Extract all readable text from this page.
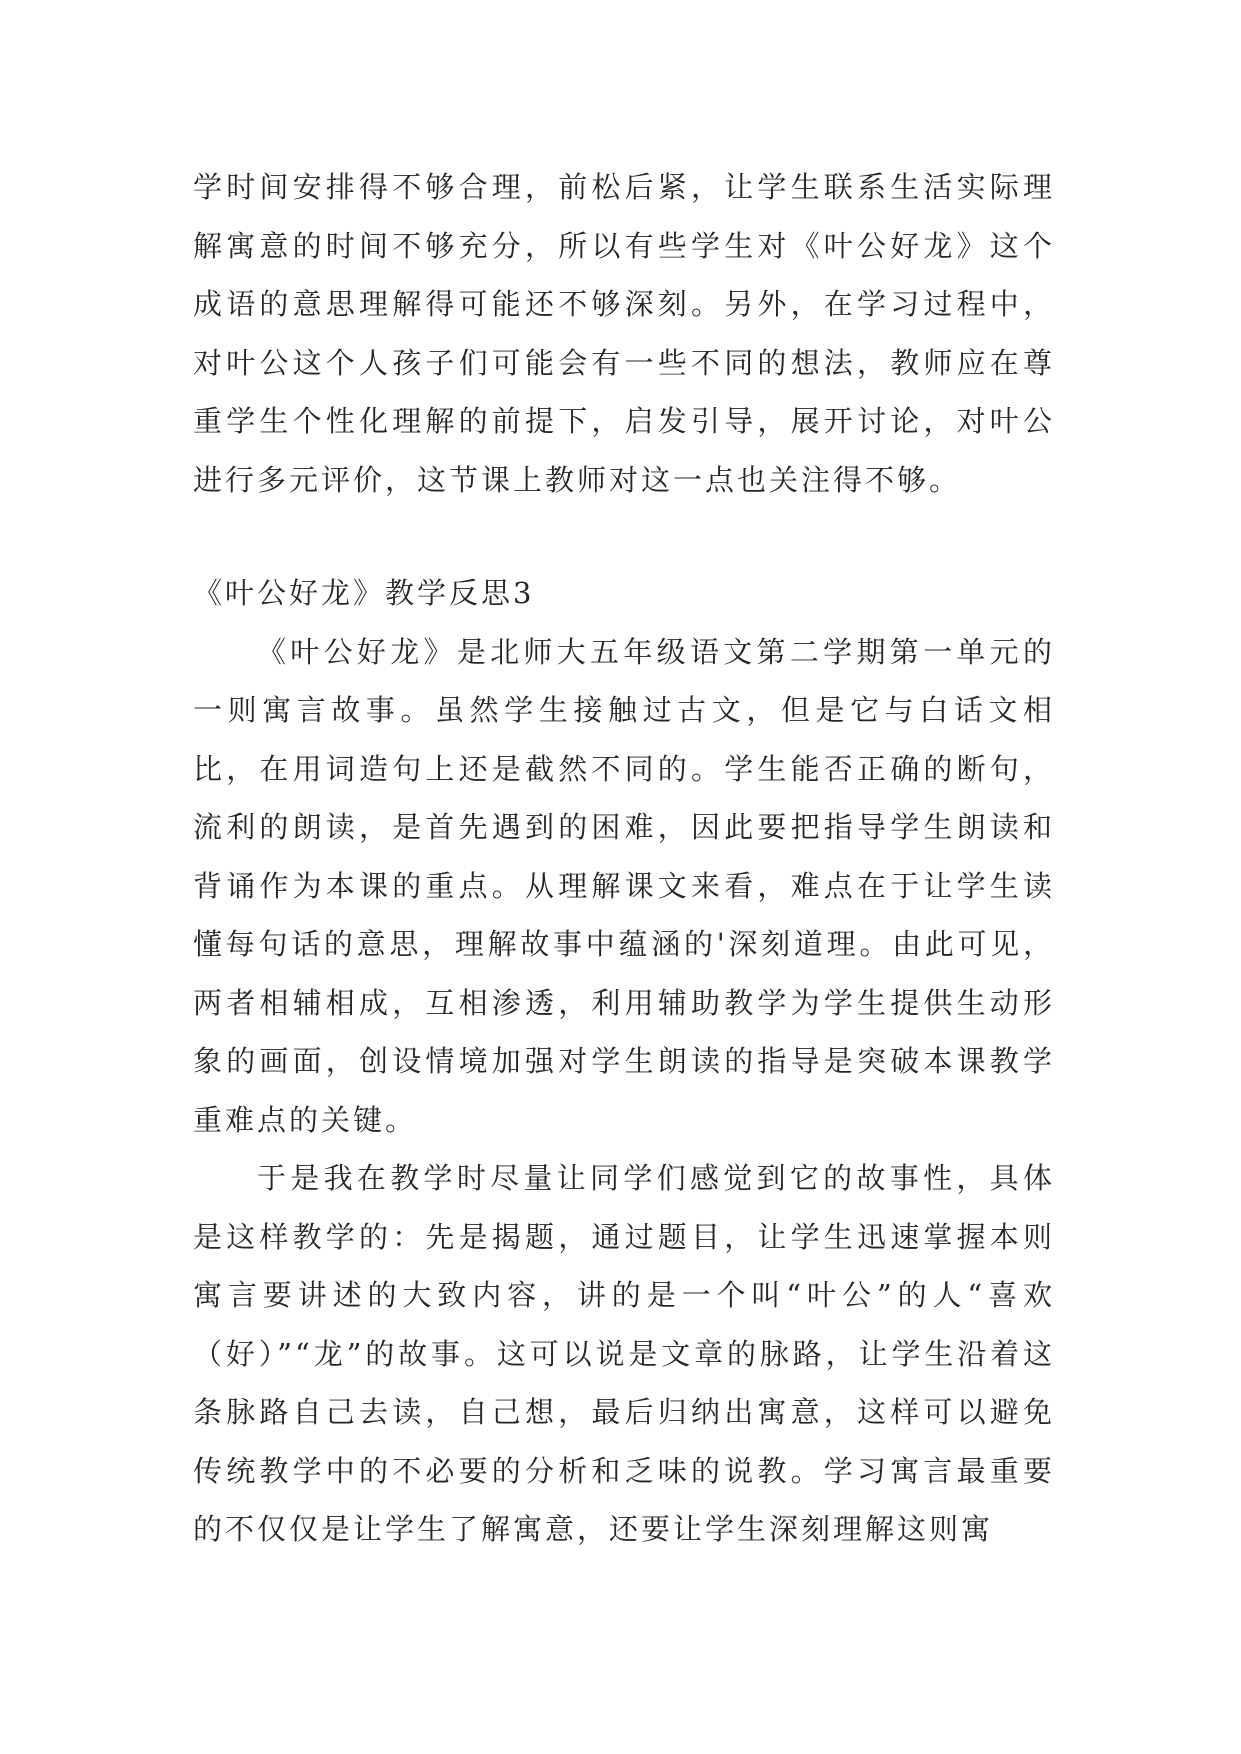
学时间安排得不够合理，前松后紧，让学生联系生活实际理解寓意的时间不够充分，所以有些学生对《叶公好龙》这个成语的意思理解得可能还不够深刻。另外，在学习过程中，对叶公这个人孩子们可能会有一些不同的想法，教师应在尊重学生个性化理解的前提下，启发引导，展开讨论，对叶公进行多元评价，这节课上教师对这一点也关注得不够。

《叶公好龙》教学反思3

《叶公好龙》是北师大五年级语文第二学期第一单元的一则寓言故事。虽然学生接触过古文，但是它与白话文相比，在用词造句上还是截然不同的。学生能否正确的断句，流利的朗读，是首先遇到的困难，因此要把指导学生朗读和背诵作为本课的重点。从理解课文来看，难点在于让学生读懂每句话的意思，理解故事中蕴涵的'深刻道理。由此可见，两者相辅相成，互相渗透，利用辅助教学为学生提供生动形象的画面，创设情境加强对学生朗读的指导是突破本课教学重难点的关键。

于是我在教学时尽量让同学们感觉到它的故事性，具体是这样教学的：先是揭题，通过题目，让学生迅速掌握本则寓言要讲述的大致内容，讲的是一个叫“叶公”的人“喜欢（好）”“龙”的故事。这可以说是文章的脉路，让学生沿着这条脉路自己去读，自己想，最后归纳出寓意，这样可以避免传统教学中的不必要的分析和乏味的说教。学习寓言最重要的不仅仅是让学生了解寓意，还要让学生深刻理解这则寓
